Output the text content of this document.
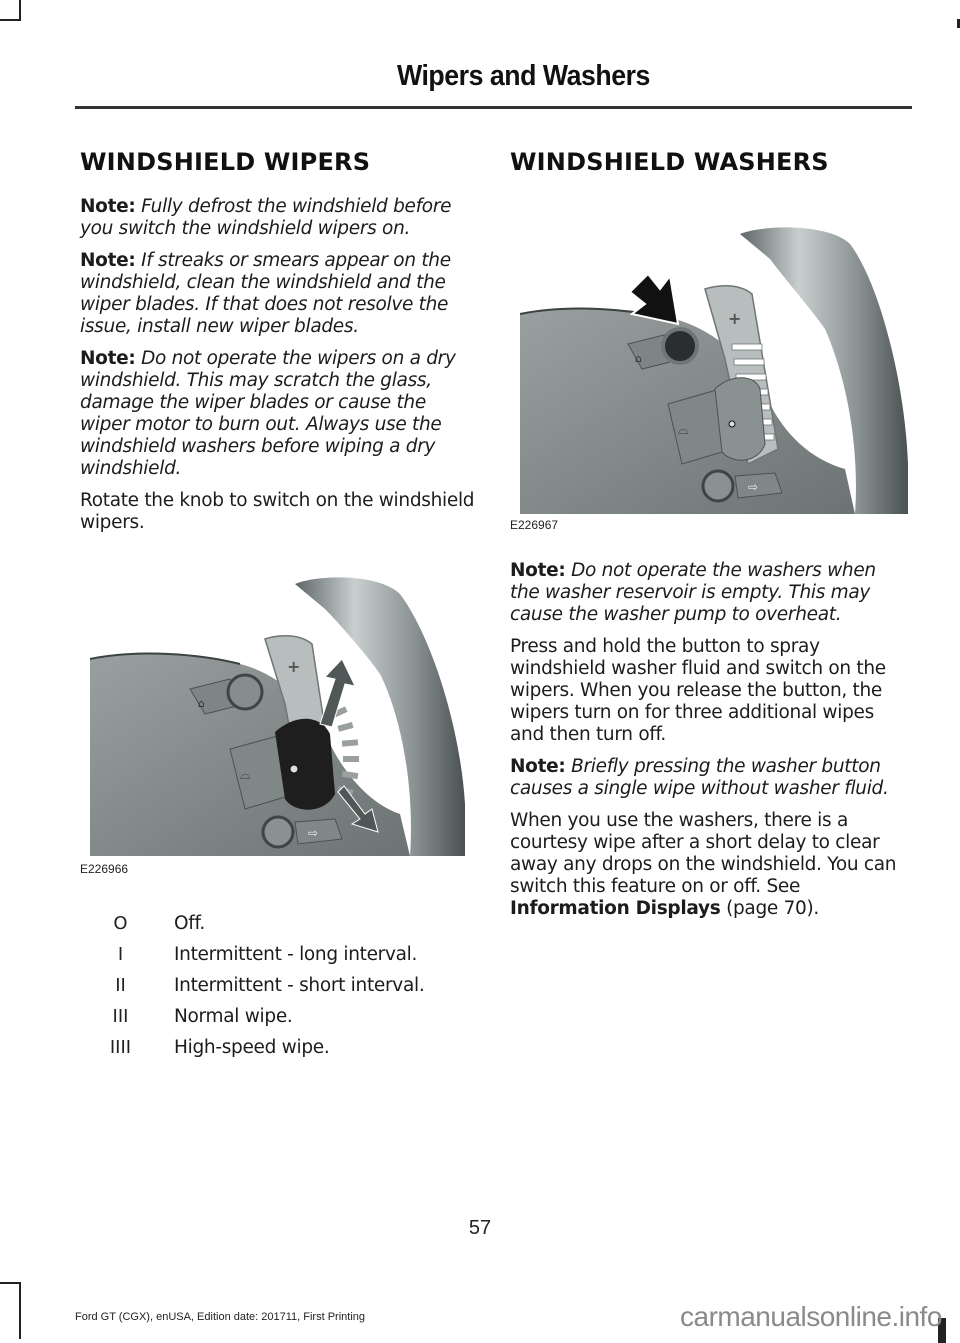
Wipers and Washers
WINDSHIELD WIPERS

Note: Fully defrost the windshield before you switch the windshield wipers on.

Note: If streaks or smears appear on the windshield, clean the windshield and the wiper blades. If that does not resolve the issue, install new wiper blades.

Note: Do not operate the wipers on a dry windshield. This may scratch the glass, damage the wiper blades or cause the wiper motor to burn out. Always use the windshield washers before wiping a dry windshield.

Rotate the knob to switch on the windshield wipers.

+
⌂
⌓
⇨
E226966
O	Off.
I	Intermittent - long interval.
II	Intermittent - short interval.
III	Normal wipe.
IIII	High-speed wipe.
WINDSHIELD WASHERS
+
⌂
⌓
⇨
E226967

Note: Do not operate the washers when the washer reservoir is empty. This may cause the washer pump to overheat.

Press and hold the button to spray windshield washer fluid and switch on the wipers. When you release the button, the wipers turn on for three additional wipes and then turn off.

Note: Briefly pressing the washer button causes a single wipe without washer fluid.

When you use the washers, there is a courtesy wipe after a short delay to clear away any drops on the windshield. You can switch this feature on or off. See Information Displays (page 70).

57
Ford GT (CGX), enUSA, Edition date: 201711, First Printing	carmanualsonline.info
